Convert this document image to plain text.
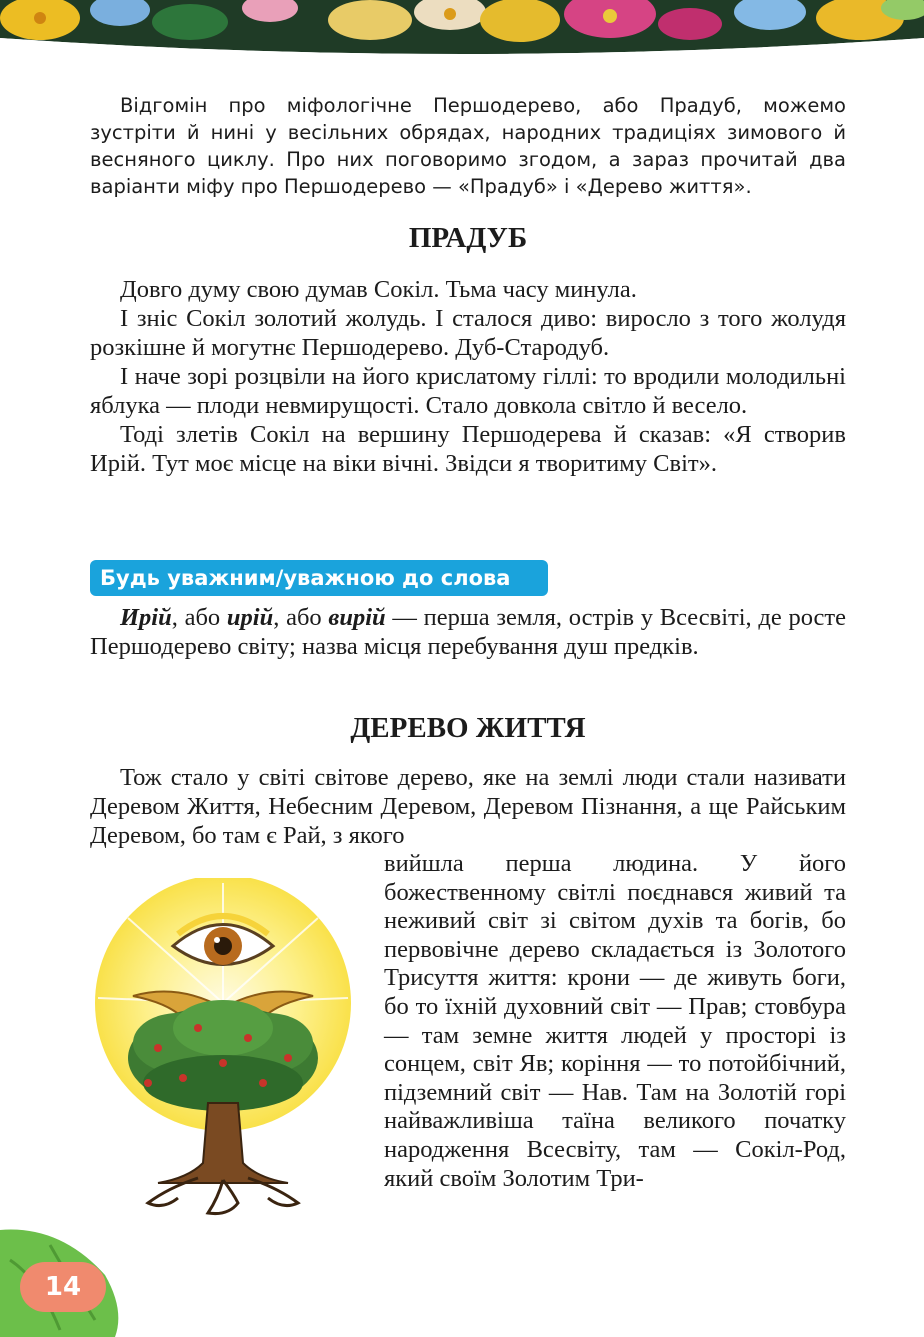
Відгомін про міфологічне Першодерево, або Прадуб, можемо зустріти й нині у весільних обрядах, народних традиціях зимового й весняного циклу. Про них поговоримо згодом, а зараз прочитай два варіанти міфу про Першодерево — «Прадуб» і «Дерево життя».

ПРАДУБ

Довго думу свою думав Сокіл. Тьма часу минула.

І зніс Сокіл золотий жолудь. І сталося диво: виросло з того жолудя розкішне й могутнє Першодерево. Дуб-Стародуб.

І наче зорі розцвіли на його крислатому гіллі: то вродили молодильні яблука — плоди невмирущості. Стало довкола світло й весело.

Тоді злетів Сокіл на вершину Першодерева й сказав: «Я створив Ирій. Тут моє місце на віки вічні. Звідси я творитиму Світ».

Будь уважним/уважною до слова

Ирій, або ирій, або вирій — перша земля, острів у Всесвіті, де росте Першодерево світу; назва місця перебування душ предків.

ДЕРЕВО ЖИТТЯ

Тож стало у світі світове дерево, яке на землі люди стали називати Деревом Життя, Небесним Деревом, Деревом Пізнання, а ще Райським Деревом, бо там є Рай, з якого

вийшла перша людина. У його божественному світлі поєднався живий та неживий світ зі світом духів та богів, бо первовічне дерево складається із Золотого Трисуття життя: крони — де живуть боги, бо то їхній духовний світ — Прав; стовбура — там земне життя людей у просторі із сонцем, світ Яв; коріння — то потойбічний, підземний світ — Нав. Там на Золотій горі найважливіша таїна великого початку народження Всесвіту, там — Сокіл-Род, який своїм Золотим Три-

14
